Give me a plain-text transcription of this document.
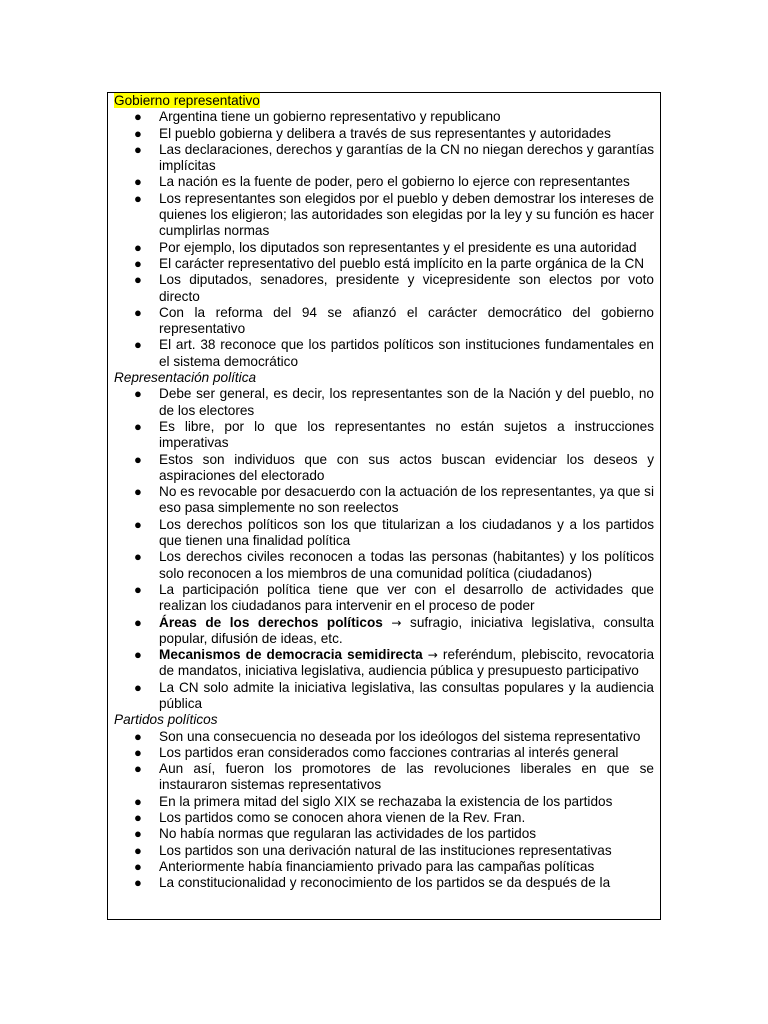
Gobierno representativo

● Argentina tiene un gobierno representativo y republicano
● El pueblo gobierna y delibera a través de sus representantes y autoridades
● Las declaraciones, derechos y garantías de la CN no niegan derechos y garantías implícitas
● La nación es la fuente de poder, pero el gobierno lo ejerce con representantes
● Los representantes son elegidos por el pueblo y deben demostrar los intereses de quienes los eligieron; las autoridades son elegidas por la ley y su función es hacer cumplirlas normas
● Por ejemplo, los diputados son representantes y el presidente es una autoridad
● El carácter representativo del pueblo está implícito en la parte orgánica de la CN
● Los diputados, senadores, presidente y vicepresidente son electos por voto directo
● Con la reforma del 94 se afianzó el carácter democrático del gobierno representativo
● El art. 38 reconoce que los partidos políticos son instituciones fundamentales en el sistema democrático

Representación política

● Debe ser general, es decir, los representantes son de la Nación y del pueblo, no de los electores
● Es libre, por lo que los representantes no están sujetos a instrucciones imperativas
● Estos son individuos que con sus actos buscan evidenciar los deseos y aspiraciones del electorado
● No es revocable por desacuerdo con la actuación de los representantes, ya que si eso pasa simplemente no son reelectos
● Los derechos políticos son los que titularizan a los ciudadanos y a los partidos que tienen una finalidad política
● Los derechos civiles reconocen a todas las personas (habitantes) y los políticos solo reconocen a los miembros de una comunidad política (ciudadanos)
● La participación política tiene que ver con el desarrollo de actividades que realizan los ciudadanos para intervenir en el proceso de poder
● Áreas de los derechos políticos → sufragio, iniciativa legislativa, consulta popular, difusión de ideas, etc.
● Mecanismos de democracia semidirecta → referéndum, plebiscito, revocatoria de mandatos, iniciativa legislativa, audiencia pública y presupuesto participativo
● La CN solo admite la iniciativa legislativa, las consultas populares y la audiencia pública

Partidos políticos

● Son una consecuencia no deseada por los ideólogos del sistema representativo
● Los partidos eran considerados como facciones contrarias al interés general
● Aun así, fueron los promotores de las revoluciones liberales en que se instauraron sistemas representativos
● En la primera mitad del siglo XIX se rechazaba la existencia de los partidos
● Los partidos como se conocen ahora vienen de la Rev. Fran.
● No había normas que regularan las actividades de los partidos
● Los partidos son una derivación natural de las instituciones representativas
● Anteriormente había financiamiento privado para las campañas políticas
● La constitucionalidad y reconocimiento de los partidos se da después de la
